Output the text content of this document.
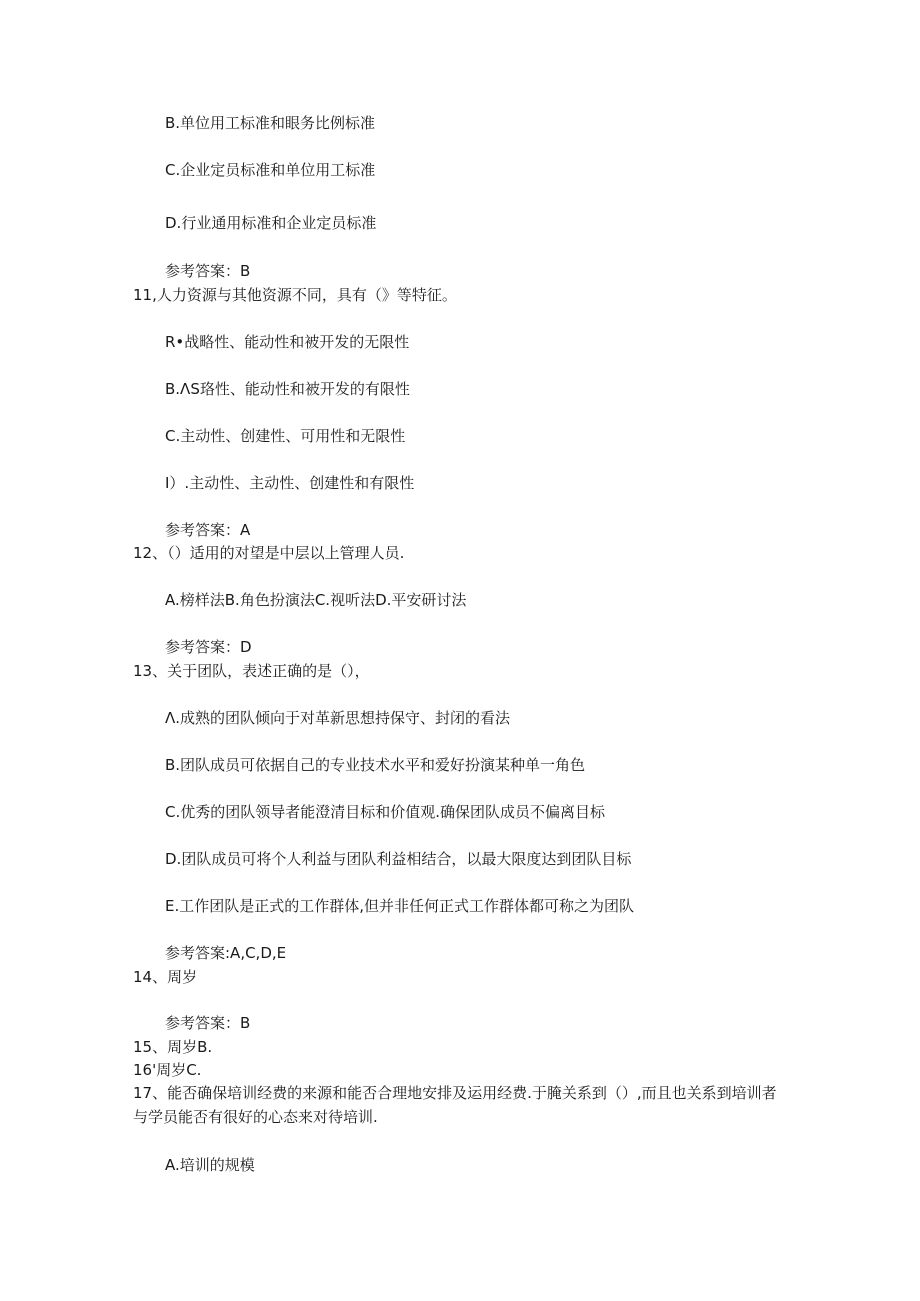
B.单位用工标准和眼务比例标准
C.企业定员标准和单位用工标准
D.行业通用标准和企业定员标准
参考答案：B
11,人力资源与其他资源不同，具有（》等特征。
R•战略性、能动性和被开发的无限性
B.ΛS珞性、能动性和被开发的有限性
C.主动性、创建性、可用性和无限性
I）.主动性、主动性、创建性和有限性
参考答案：A
12、（）适用的对望是中层以上管理人员.
A.榜样法B.角色扮演法C.视听法D.平安研讨法
参考答案：D
13、关于团队，表述正确的是（），
Λ.成熟的团队倾向于对革新思想持保守、封闭的看法
B.团队成员可依据自己的专业技术水平和爱好扮演某种单一角色
C.优秀的团队领导者能澄清目标和价值观.确保团队成员不偏离目标
D.团队成员可将个人利益与团队利益相结合，以最大限度达到团队目标
E.工作团队是正式的工作群体,但并非任何正式工作群体都可称之为团队
参考答案:A,C,D,E
14、周岁
参考答案：B
15、周岁B.
16'周岁C.
17、能否确保培训经费的来源和能否合理地安排及运用经费.于腌关系到（）,而且也关系到培训者与学员能否有很好的心态来对待培训.
A.培训的规模
